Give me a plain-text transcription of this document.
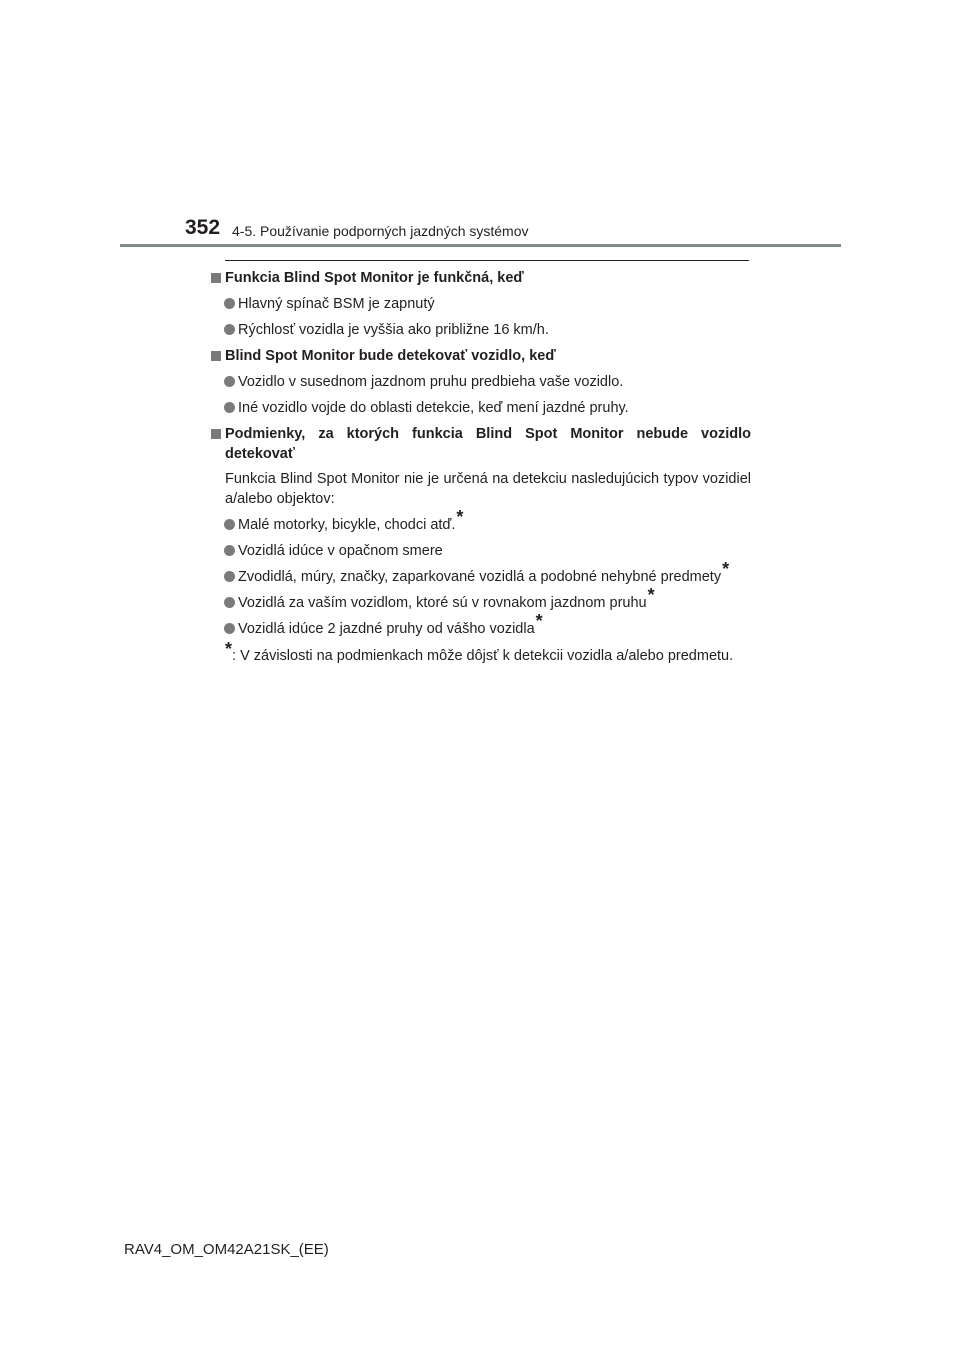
352 4-5. Používanie podporných jazdných systémov
Funkcia Blind Spot Monitor je funkčná, keď
Hlavný spínač BSM je zapnutý
Rýchlosť vozidla je vyššia ako približne 16 km/h.
Blind Spot Monitor bude detekovať vozidlo, keď
Vozidlo v susednom jazdnom pruhu predbieha vaše vozidlo.
Iné vozidlo vojde do oblasti detekcie, keď mení jazdné pruhy.
Podmienky, za ktorých funkcia Blind Spot Monitor nebude vozidlo detekovať
Funkcia Blind Spot Monitor nie je určená na detekciu nasledujúcich typov vozidiel a/alebo objektov:
Malé motorky, bicykle, chodci atď.*
Vozidlá idúce v opačnom smere
Zvodidlá, múry, značky, zaparkované vozidlá a podobné nehybné predmety*
Vozidlá za vaším vozidlom, ktoré sú v rovnakom jazdnom pruhu*
Vozidlá idúce 2 jazdné pruhy od vášho vozidla*
*: V závislosti na podmienkach môže dôjsť k detekcii vozidla a/alebo predmetu.
RAV4_OM_OM42A21SK_(EE)
